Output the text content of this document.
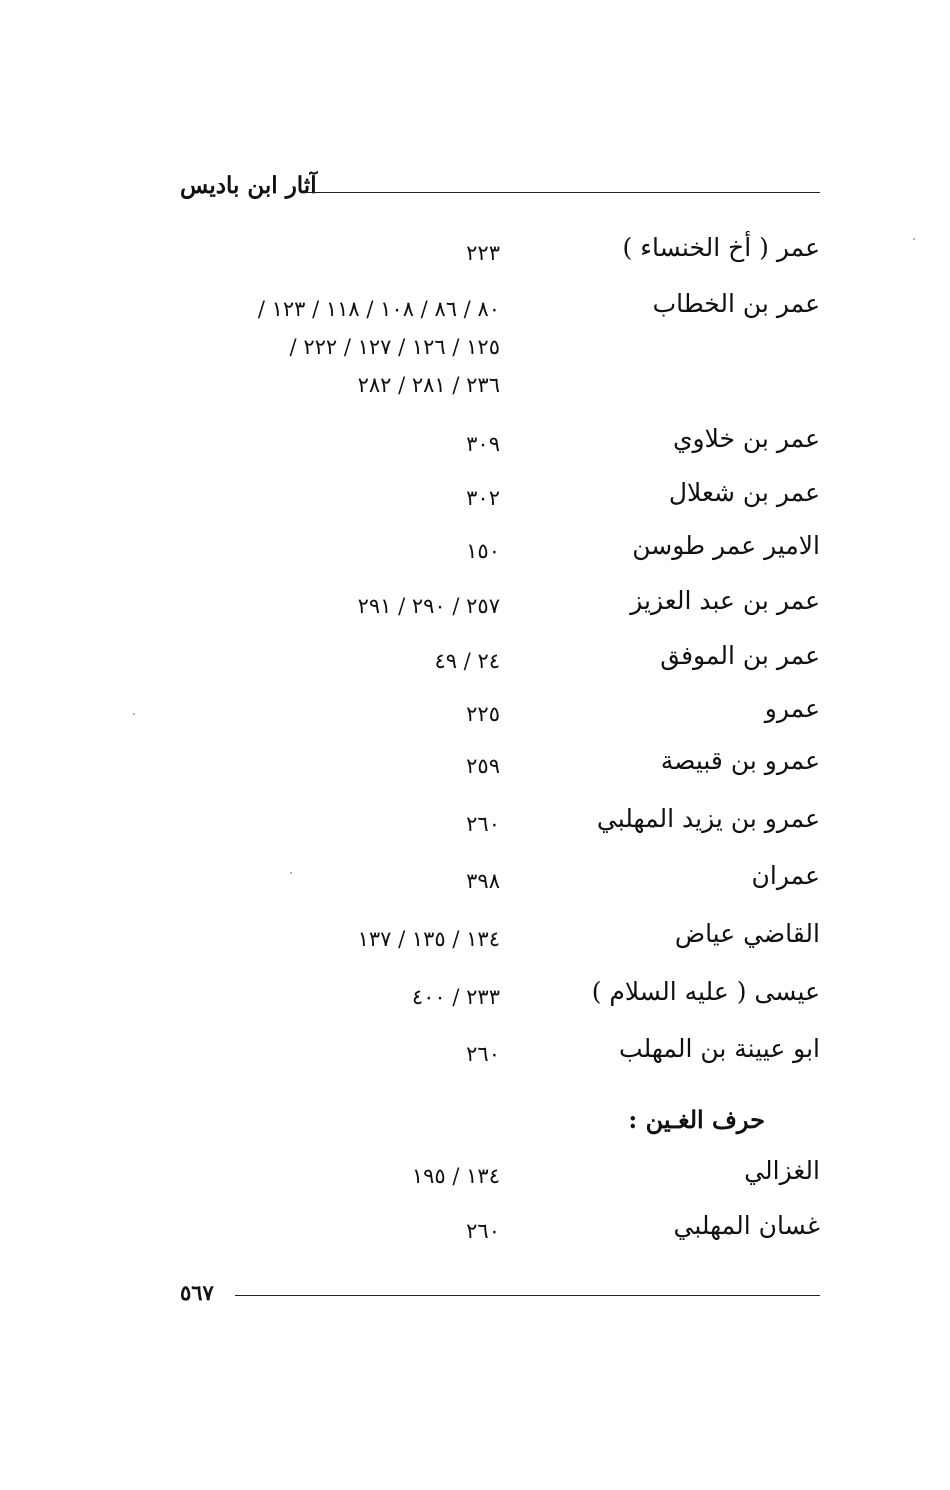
آثار ابن باديس
عمر ( أخ الخنساء )
٢٢٣
عمر بن الخطاب
٨٠ / ٨٦ / ١٠٨ / ١١٨ / ١٢٣ /
١٢٥ / ١٢٦ / ١٢٧ / ٢٢٢ /
٢٣٦ / ٢٨١ / ٢٨٢
عمر بن خلاوي
٣٠٩
عمر بن شعلال
٣٠٢
الامير عمر طوسن
١٥٠
عمر بن عبد العزيز
٢٥٧ / ٢٩٠ / ٢٩١
عمر بن الموفق
٢٤ / ٤٩
عمرو
٢٢٥
عمرو بن قبيصة
٢٥٩
عمرو بن يزيد المهلبي
٢٦٠
عمران
٣٩٨
القاضي عياض
١٣٤ / ١٣٥ / ١٣٧
عيسى ( عليه السلام )
٢٣٣ / ٤٠٠
ابو عيينة بن المهلب
٢٦٠
الغزالي
١٣٤ / ١٩٥
غسان المهلبي
٢٦٠
حرف الغـين :
٥٦٧
